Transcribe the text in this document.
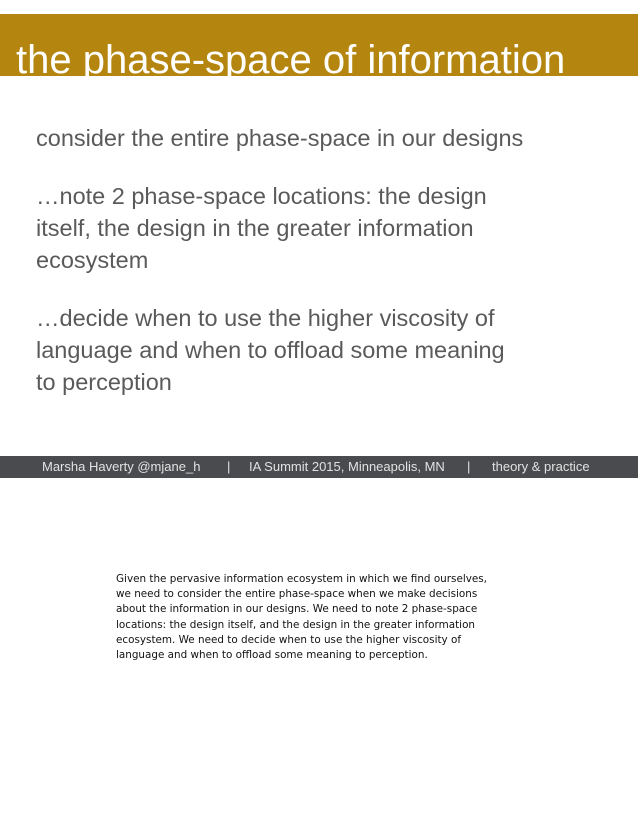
the phase-space of information
consider the entire phase-space in our designs
…note 2 phase-space locations: the design
itself, the design in the greater information
ecosystem
…decide when to use the higher viscosity of
language and when to offload some meaning
to perception
Marsha Haverty @mjane_h | IA Summit 2015, Minneapolis, MN | theory & practice

Given the pervasive information ecosystem in which we find ourselves,
we need to consider the entire phase-space when we make decisions
about the information in our designs. We need to note 2 phase-space
locations: the design itself, and the design in the greater information
ecosystem. We need to decide when to use the higher viscosity of
language and when to offload some meaning to perception.
